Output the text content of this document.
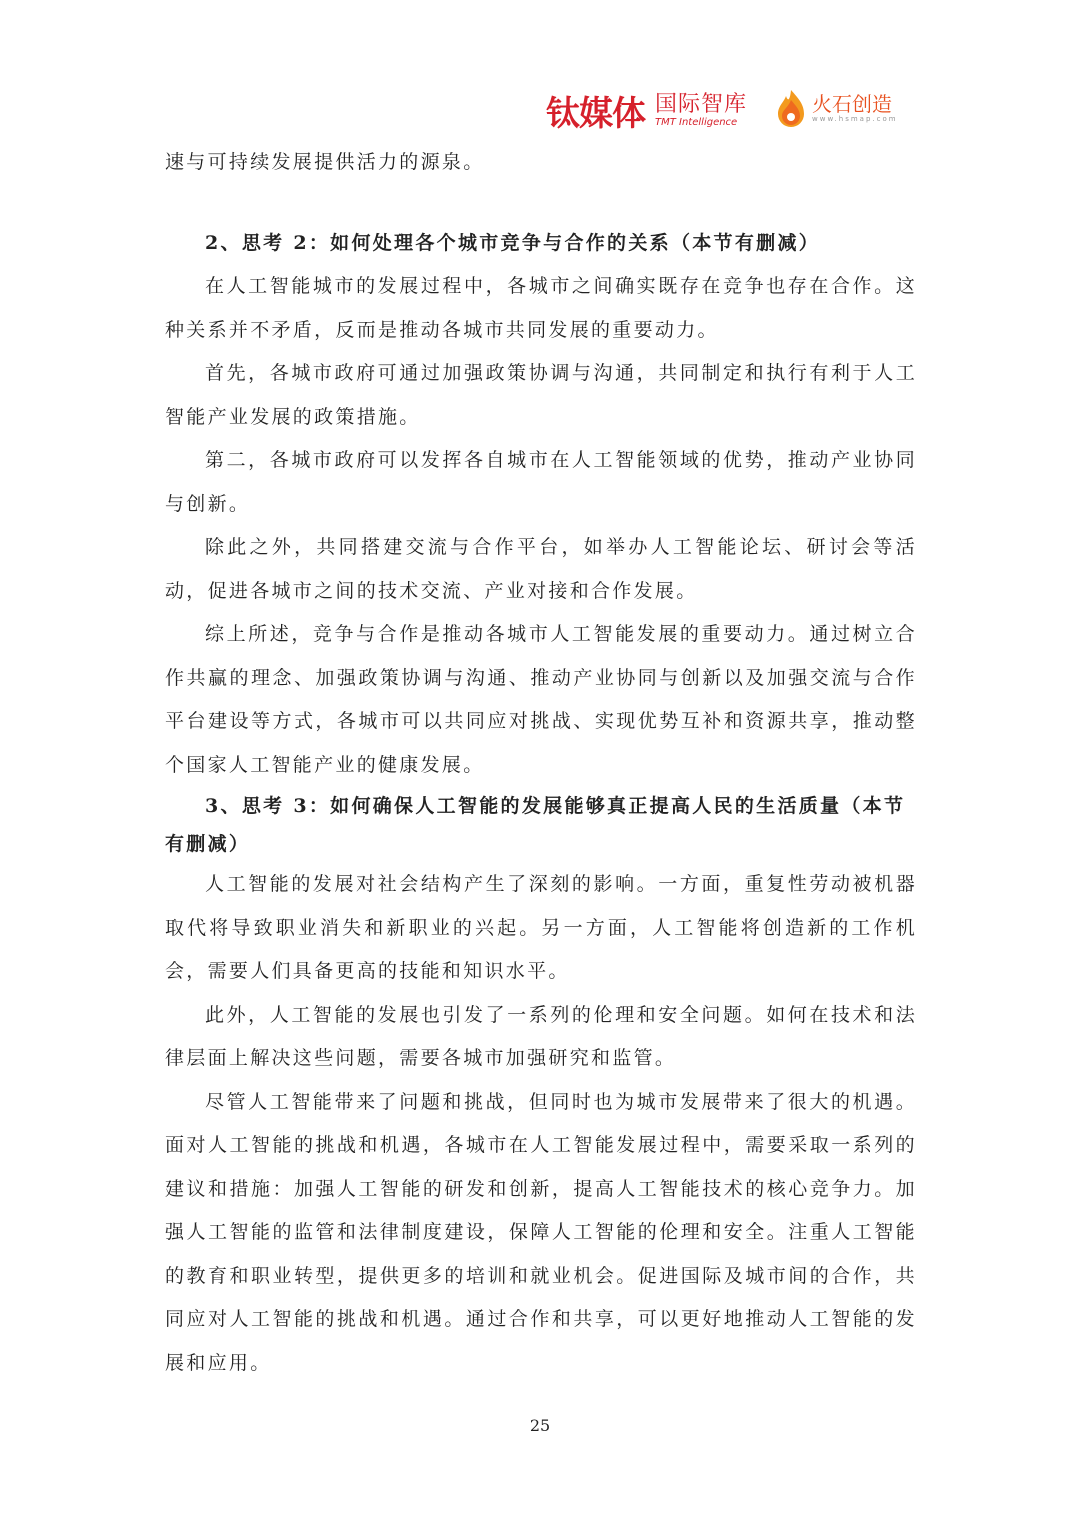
钛媒体 国际智库
TMT Intelligence
火石创造
www.hsmap.com

速与可持续发展提供活力的源泉。

2、思考 2：如何处理各个城市竞争与合作的关系（本节有删减）

在人工智能城市的发展过程中，各城市之间确实既存在竞争也存在合作。这种关系并不矛盾，反而是推动各城市共同发展的重要动力。

首先，各城市政府可通过加强政策协调与沟通，共同制定和执行有利于人工智能产业发展的政策措施。

第二，各城市政府可以发挥各自城市在人工智能领域的优势，推动产业协同与创新。

除此之外，共同搭建交流与合作平台，如举办人工智能论坛、研讨会等活动，促进各城市之间的技术交流、产业对接和合作发展。

综上所述，竞争与合作是推动各城市人工智能发展的重要动力。通过树立合作共赢的理念、加强政策协调与沟通、推动产业协同与创新以及加强交流与合作平台建设等方式，各城市可以共同应对挑战、实现优势互补和资源共享，推动整个国家人工智能产业的健康发展。

3、思考 3：如何确保人工智能的发展能够真正提高人民的生活质量（本节有删减）

人工智能的发展对社会结构产生了深刻的影响。一方面，重复性劳动被机器取代将导致职业消失和新职业的兴起。另一方面，人工智能将创造新的工作机会，需要人们具备更高的技能和知识水平。

此外，人工智能的发展也引发了一系列的伦理和安全问题。如何在技术和法律层面上解决这些问题，需要各城市加强研究和监管。

尽管人工智能带来了问题和挑战，但同时也为城市发展带来了很大的机遇。面对人工智能的挑战和机遇，各城市在人工智能发展过程中，需要采取一系列的建议和措施：加强人工智能的研发和创新，提高人工智能技术的核心竞争力。加强人工智能的监管和法律制度建设，保障人工智能的伦理和安全。注重人工智能的教育和职业转型，提供更多的培训和就业机会。促进国际及城市间的合作，共同应对人工智能的挑战和机遇。通过合作和共享，可以更好地推动人工智能的发展和应用。

25
